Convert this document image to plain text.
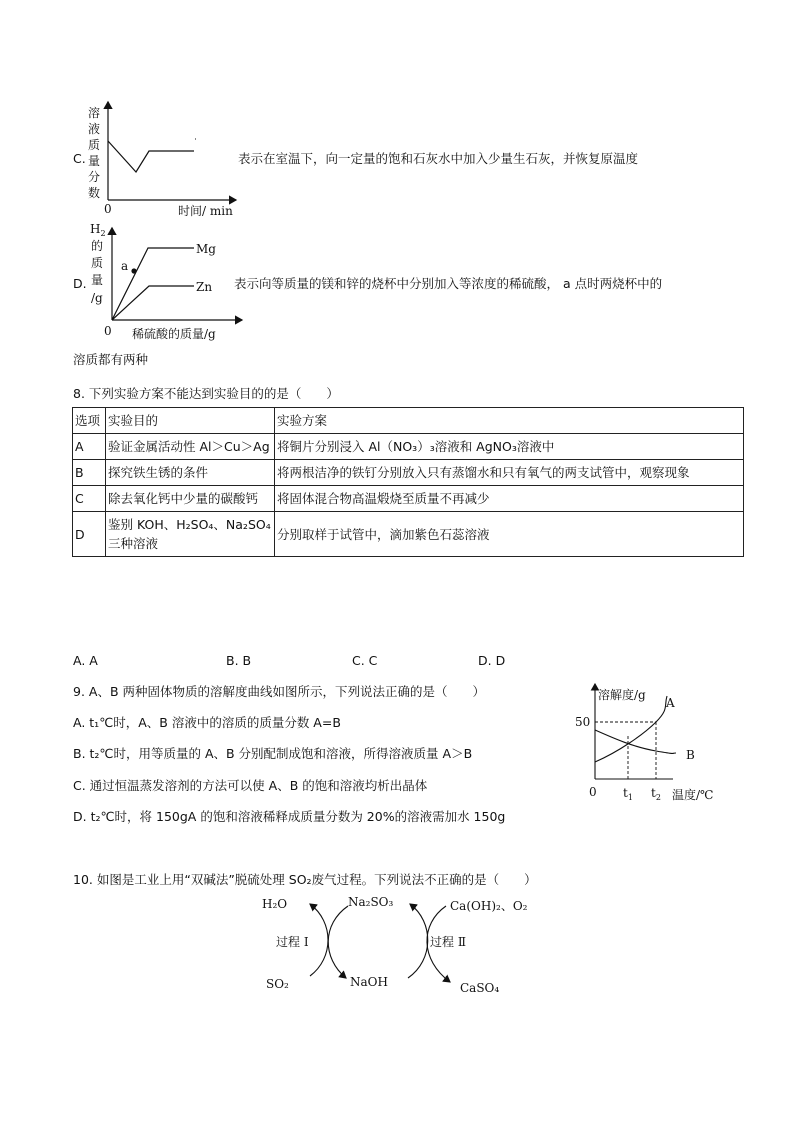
C.
溶
液
质
量
分
数
0	时间/ min
表示在室温下，向一定量的饱和石灰水中加入少量生石灰，并恢复原温度
D.
a
Mg
Zn
$H_2$
的
质
量
/g
0 稀硫酸的质量/g
表示向等质量的镁和锌的烧杯中分别加入等浓度的稀硫酸， a 点时两烧杯中的
溶质都有两种
8. 下列实验方案不能达到实验目的的是（　　）
选项	实验目的	实验方案
A	验证金属活动性 Al＞Cu＞Ag	将铜片分别浸入 Al（NO₃）₃溶液和 AgNO₃溶液中
B	探究铁生锈的条件	将两根洁净的铁钉分别放入只有蒸馏水和只有氧气的两支试管中，观察现象
C	除去氧化钙中少量的碳酸钙	将固体混合物高温煅烧至质量不再减少
D	鉴别 KOH、H₂SO₄、Na₂SO₄ 三种溶液	分别取样于试管中，滴加紫色石蕊溶液
A. A	B. B	C. C	D. D
9. A、B 两种固体物质的溶解度曲线如图所示，下列说法正确的是（　　）
A. t₁℃时，A、B 溶液中的溶质的质量分数 A=B
B. t₂℃时，用等质量的 A、B 分别配制成饱和溶液，所得溶液质量 A＞B
C. 通过恒温蒸发溶剂的方法可以使 A、B 的饱和溶液均析出晶体
D. t₂℃时，将 150gA 的饱和溶液稀释成质量分数为 20%的溶液需加水 150g
溶解度/g
A
B
50
0 $t_1$ $t_2$ 温度/℃
10. 如图是工业上用“双碱法”脱硫处理 SO₂废气过程。下列说法不正确的是（　　）
H₂O	Na₂SO₃	Ca(OH)₂、O₂
过程 I	过程 Ⅱ
SO₂	NaOH	CaSO₄
